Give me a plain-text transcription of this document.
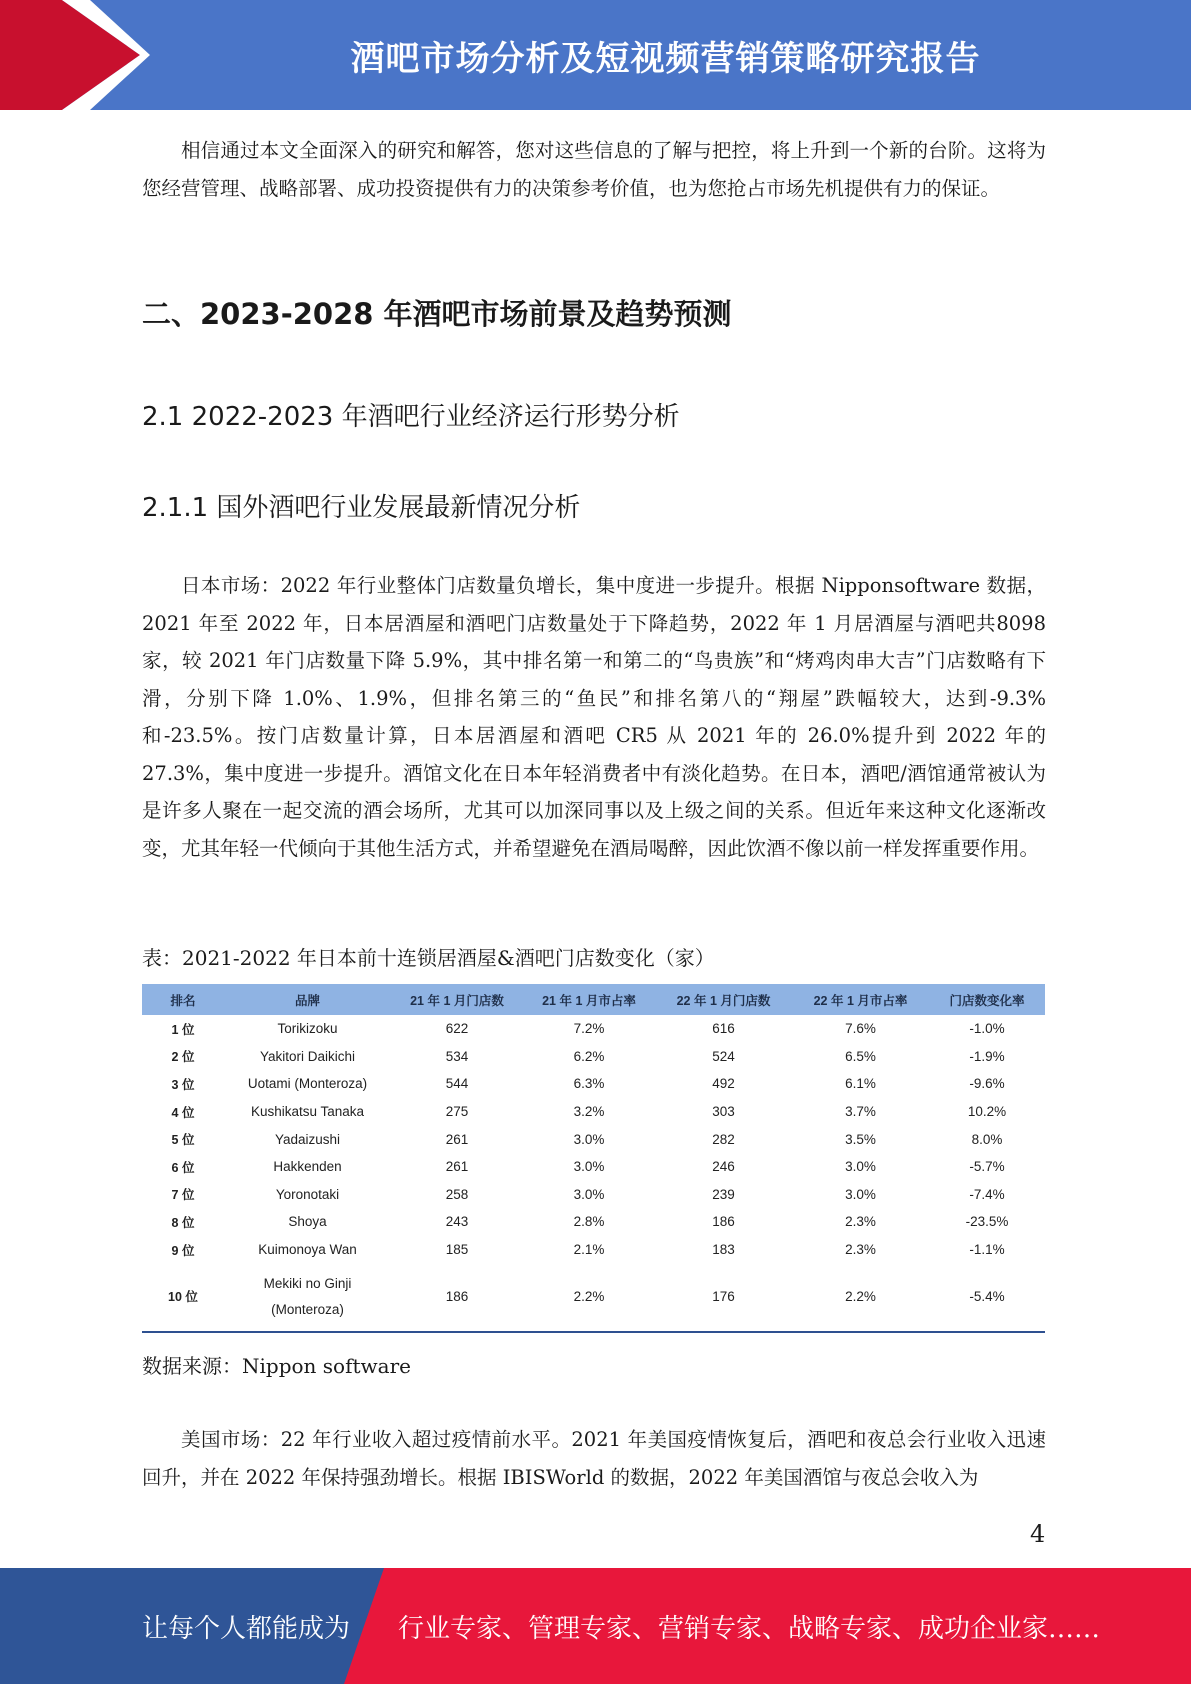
酒吧市场分析及短视频营销策略研究报告

相信通过本文全面深入的研究和解答，您对这些信息的了解与把控，将上升到一个新的台阶。这将为您经营管理、战略部署、成功投资提供有力的决策参考价值，也为您抢占市场先机提供有力的保证。

二、2023-2028 年酒吧市场前景及趋势预测
2.1 2022-2023 年酒吧行业经济运行形势分析
2.1.1 国外酒吧行业发展最新情况分析

日本市场：2022 年行业整体门店数量负增长，集中度进一步提升。根据 Nipponsoftware 数据，2021 年至 2022 年，日本居酒屋和酒吧门店数量处于下降趋势，2022 年 1 月居酒屋与酒吧共8098 家，较 2021 年门店数量下降 5.9%，其中排名第一和第二的“鸟贵族”和“烤鸡肉串大吉”门店数略有下滑，分别下降 1.0%、1.9%，但排名第三的“鱼民”和排名第八的“翔屋”跌幅较大，达到-9.3%和-23.5%。按门店数量计算，日本居酒屋和酒吧 CR5 从 2021 年的 26.0%提升到 2022 年的 27.3%，集中度进一步提升。酒馆文化在日本年轻消费者中有淡化趋势。在日本，酒吧/酒馆通常被认为是许多人聚在一起交流的酒会场所，尤其可以加深同事以及上级之间的关系。但近年来这种文化逐渐改变，尤其年轻一代倾向于其他生活方式，并希望避免在酒局喝醉，因此饮酒不像以前一样发挥重要作用。

表：2021-2022 年日本前十连锁居酒屋&酒吧门店数变化（家）
排名	品牌	21 年 1 月门店数	21 年 1 月市占率	22 年 1 月门店数	22 年 1 月市占率	门店数变化率
1 位	Torikizoku	622	7.2%	616	7.6%	-1.0%
2 位	Yakitori Daikichi	534	6.2%	524	6.5%	-1.9%
3 位	Uotami (Monteroza)	544	6.3%	492	6.1%	-9.6%
4 位	Kushikatsu Tanaka	275	3.2%	303	3.7%	10.2%
5 位	Yadaizushi	261	3.0%	282	3.5%	8.0%
6 位	Hakkenden	261	3.0%	246	3.0%	-5.7%
7 位	Yoronotaki	258	3.0%	239	3.0%	-7.4%
8 位	Shoya	243	2.8%	186	2.3%	-23.5%
9 位	Kuimonoya Wan	185	2.1%	183	2.3%	-1.1%
10 位	Mekiki no Ginji
(Monteroza)	186	2.2%	176	2.2%	-5.4%
数据来源：Nippon software

美国市场：22 年行业收入超过疫情前水平。2021 年美国疫情恢复后，酒吧和夜总会行业收入迅速回升，并在 2022 年保持强劲增长。根据 IBISWorld 的数据，2022 年美国酒馆与夜总会收入为

4
让每个人都能成为 行业专家、管理专家、营销专家、战略专家、成功企业家……
